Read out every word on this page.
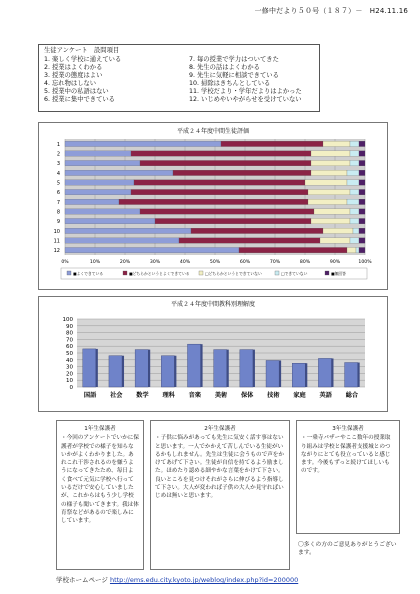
一修中だより５０号（１８７）－　H24.11.16
生徒アンケート　設問項目
1. 楽しく学校に通えている
2. 授業はよくわかる
3. 授業の態度はよい
4. 忘れ物はしない
5. 授業中の私語はない
6. 授業に集中できている
7. 毎の授業で学力はついてきた
8. 先生の話はよくわかる
9. 先生に気軽に相談できている
10. 掃除はきちんとしている
11. 学校だより・学年だよりはよかった
12. いじめやいやがらせを受けていない
平成２４年度中間生徒評価
0%	10%	20%	30%	40%	50%	60%	70%	80%	90%	100%
1
2
3
4
5
6
7
8
9
10
11
12
■よくできている	■どちらかというとよくできている	□どちらかというとできていない	□できていない	■無回答
平成２４年度中間教科別理解度
0
10
20
30
40
50
60
70
80
90
100
国語 社会 数学 理科 音楽 美術 保体 技術 家庭 英語 総合
1年生保護者
・今回のアンケートでいかに保護者が学校での様子を知らないかがよくわかりました。あれこれ干渉されるのを嫌うようになってきたため、毎日よく食べて元気に学校へ行っているだけで安心していましたが、これからはもう少し学校の様子も聞いてきます。我は体育祭などがあるので楽しみにしています。
2年生保護者
・子供に悩みがあっても先生に気安く話す事はないと思います。一人でかかえて苦しんでいる生徒がいるかもしれません。先生は生徒に会うもので声をかけてあげて下さい。生徒が自信を持てるよう励ました。ほめたり認める細やかな言葉をかけて下さい。良いところを見つけそれがさらに伸びるよう指導して下さい。大人が変われば子供の大人か見守ればいじめは無いと思います。
3年生保護者
・一乗寺バザーやここ数年の授業取り組みは学校と保護者支援城とのつながりにとても役立っていると感じます。今後もずっと続けてほしいものです。
〇多くの方のご意見ありがとうございます。
学校ホームページ http://ems.edu.city.kyoto.jp/weblog/index.php?id=200000
